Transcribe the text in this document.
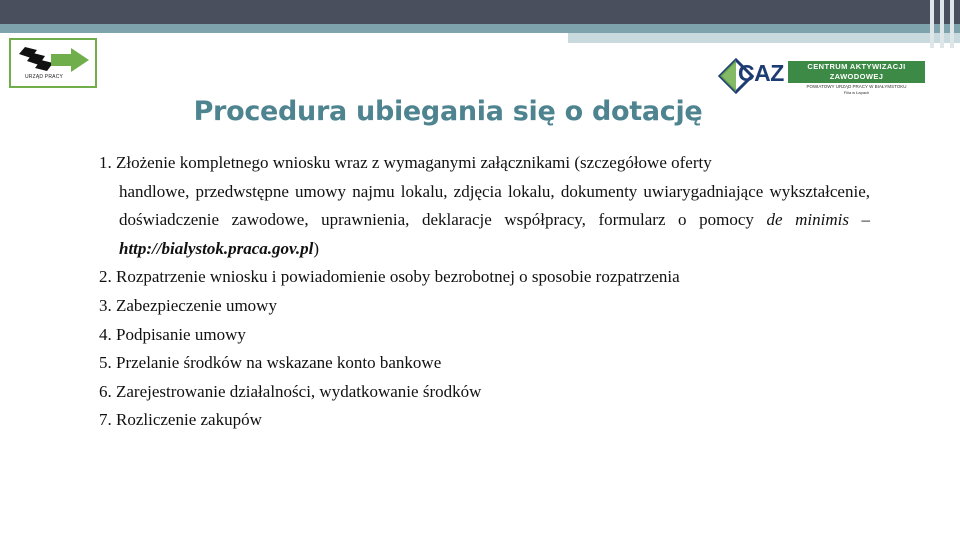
URZĄD PRACY	CAZ	CENTRUM AKTYWIZACJI
ZAWODOWEJ
POWIATOWY URZĄD PRACY W BIAŁYMSTOKU
Filia w Łapach
Procedura ubiegania się o dotację
1. Złożenie kompletnego wniosku wraz z wymaganymi załącznikami (szczegółowe oferty
handlowe, przedwstępne umowy najmu lokalu, zdjęcia lokalu, dokumenty uwiarygadniające wykształcenie, doświadczenie zawodowe, uprawnienia, deklaracje współpracy, formularz o pomocy de minimis – http://bialystok.praca.gov.pl)
2. Rozpatrzenie wniosku i powiadomienie osoby bezrobotnej o sposobie rozpatrzenia
3. Zabezpieczenie umowy
4. Podpisanie umowy
5. Przelanie środków na wskazane konto bankowe
6. Zarejestrowanie działalności, wydatkowanie środków
7. Rozliczenie zakupów
